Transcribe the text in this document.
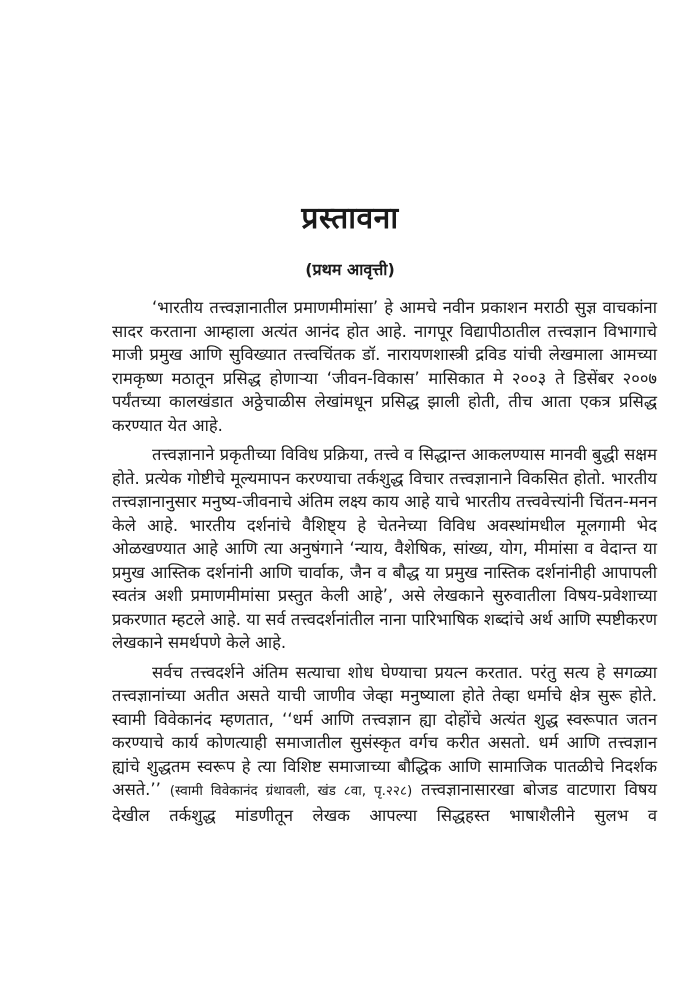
प्रस्तावना
(प्रथम आवृत्ती)

‘भारतीय तत्त्वज्ञानातील प्रमाणमीमांसा’ हे आमचे नवीन प्रकाशन मराठी सुज्ञ वाचकांना सादर करताना आम्हाला अत्यंत आनंद होत आहे. नागपूर विद्यापीठातील तत्त्वज्ञान विभागाचे माजी प्रमुख आणि सुविख्यात तत्त्वचिंतक डॉ. नारायणशास्त्री द्रविड यांची लेखमाला आमच्या रामकृष्ण मठातून प्रसिद्ध होणाऱ्या ‘जीवन-विकास’ मासिकात मे २००३ ते डिसेंबर २००७ पर्यंतच्या कालखंडात अठ्ठेचाळीस लेखांमधून प्रसिद्ध झाली होती, तीच आता एकत्र प्रसिद्ध करण्यात येत आहे.

तत्त्वज्ञानाने प्रकृतीच्या विविध प्रक्रिया, तत्त्वे व सिद्धान्त आकलण्यास मानवी बुद्धी सक्षम होते. प्रत्येक गोष्टीचे मूल्यमापन करण्याचा तर्कशुद्ध विचार तत्त्वज्ञानाने विकसित होतो. भारतीय तत्त्वज्ञानानुसार मनुष्य-जीवनाचे अंतिम लक्ष्य काय आहे याचे भारतीय तत्त्ववेत्त्यांनी चिंतन-मनन केले आहे. भारतीय दर्शनांचे वैशिष्ट्य हे चेतनेच्या विविध अवस्थांमधील मूलगामी भेद ओळखण्यात आहे आणि त्या अनुषंगाने ‘न्याय, वैशेषिक, सांख्य, योग, मीमांसा व वेदान्त या प्रमुख आस्तिक दर्शनांनी आणि चार्वाक, जैन व बौद्ध या प्रमुख नास्तिक दर्शनांनीही आपापली स्वतंत्र अशी प्रमाणमीमांसा प्रस्तुत केली आहे’, असे लेखकाने सुरुवातीला विषय-प्रवेशाच्या प्रकरणात म्हटले आहे. या सर्व तत्त्वदर्शनांतील नाना पारिभाषिक शब्दांचे अर्थ आणि स्पष्टीकरण लेखकाने समर्थपणे केले आहे.

सर्वच तत्त्वदर्शने अंतिम सत्याचा शोध घेण्याचा प्रयत्न करतात. परंतु सत्य हे सगळ्या तत्त्वज्ञानांच्या अतीत असते याची जाणीव जेव्हा मनुष्याला होते तेव्हा धर्माचे क्षेत्र सुरू होते. स्वामी विवेकानंद म्हणतात, ‘‘धर्म आणि तत्त्वज्ञान ह्या दोहोंचे अत्यंत शुद्ध स्वरूपात जतन करण्याचे कार्य कोणत्याही समाजातील सुसंस्कृत वर्गच करीत असतो. धर्म आणि तत्त्वज्ञान ह्यांचे शुद्धतम स्वरूप हे त्या विशिष्ट समाजाच्या बौद्धिक आणि सामाजिक पातळीचे निदर्शक असते.’’ (स्वामी विवेकानंद ग्रंथावली, खंड ८वा, पृ.२२८) तत्त्वज्ञानासारखा बोजड वाटणारा विषय देखील तर्कशुद्ध मांडणीतून लेखक आपल्या सिद्धहस्त भाषाशैलीने सुलभ व
